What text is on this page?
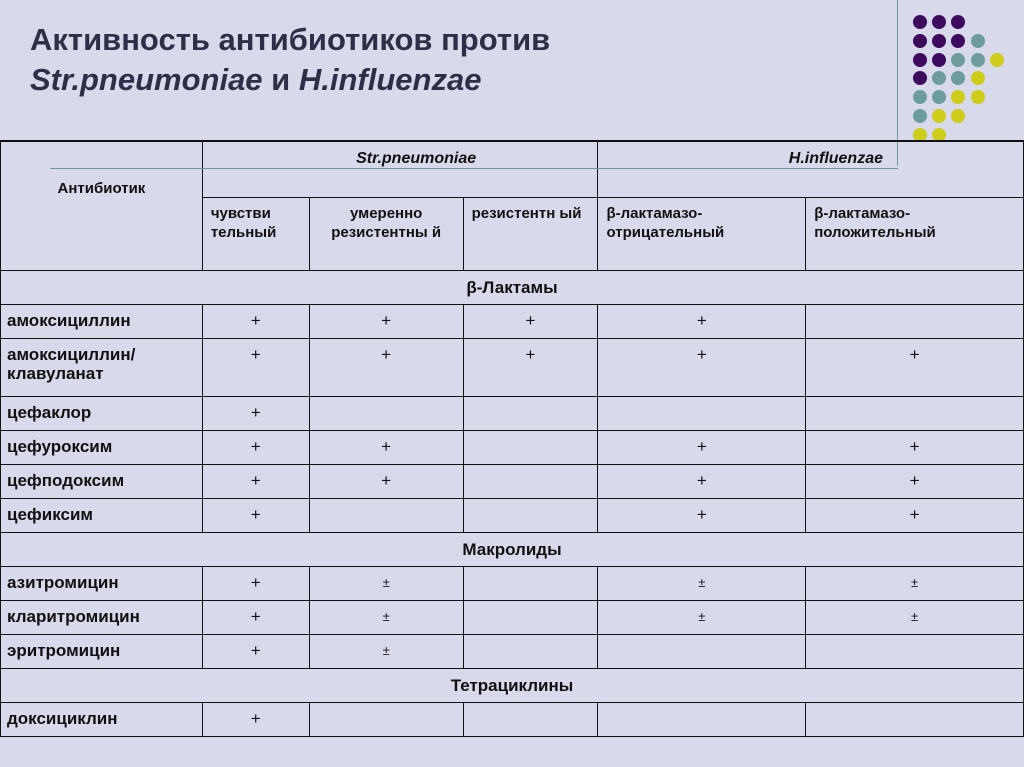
Активность антибиотиков против
Str.pneumoniae и H.influenzae
Антибиотик	Str.pneumoniae			H.influenzae	
	чувстви тельный	умеренно резистентны й	резистентн ый	β-лактамазо-отрицательный	β-лактамазо-положительный
β-Лактамы					
амоксициллин	+	+	+	+	
амоксициллин/ клавуланат	+	+	+	+	+
цефаклор	+				
цефуроксим	+	+		+	+
цефподоксим	+	+		+	+
цефиксим	+			+	+
Макролиды					
азитромицин	+	±		±	±
кларитромицин	+	±		±	±
эритромицин	+	±			
Тетрациклины					
доксициклин	+				
